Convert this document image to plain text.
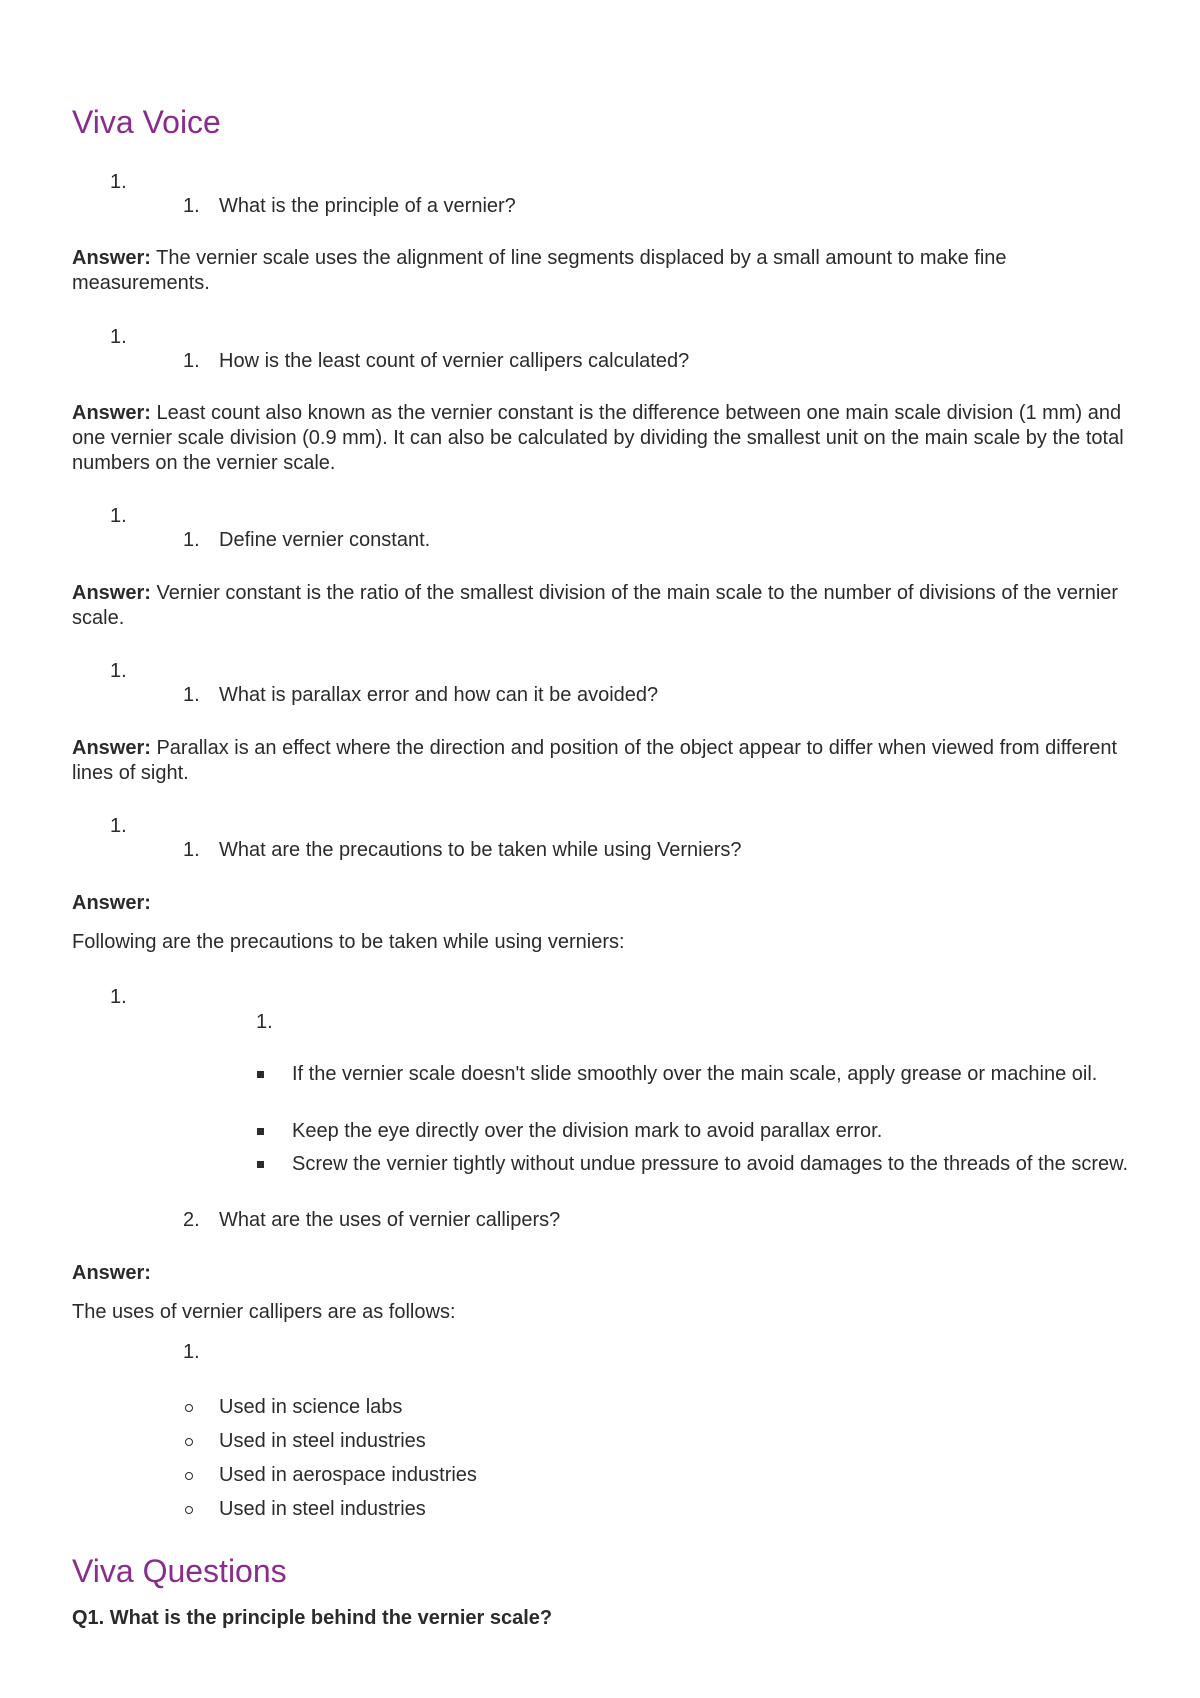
Viva Voice
1.
1. What is the principle of a vernier?
Answer: The vernier scale uses the alignment of line segments displaced by a small amount to make fine measurements.
1.
1. How is the least count of vernier callipers calculated?
Answer: Least count also known as the vernier constant is the difference between one main scale division (1 mm) and one vernier scale division (0.9 mm). It can also be calculated by dividing the smallest unit on the main scale by the total numbers on the vernier scale.
1.
1. Define vernier constant.
Answer: Vernier constant is the ratio of the smallest division of the main scale to the number of divisions of the vernier scale.
1.
1. What is parallax error and how can it be avoided?
Answer: Parallax is an effect where the direction and position of the object appear to differ when viewed from different lines of sight.
1.
1. What are the precautions to be taken while using Verniers?
Answer:
Following are the precautions to be taken while using verniers:
1.
1.
If the vernier scale doesn't slide smoothly over the main scale, apply grease or machine oil.
Keep the eye directly over the division mark to avoid parallax error.
Screw the vernier tightly without undue pressure to avoid damages to the threads of the screw.
2. What are the uses of vernier callipers?
Answer:
The uses of vernier callipers are as follows:
1.
Used in science labs
Used in steel industries
Used in aerospace industries
Used in steel industries
Viva Questions
Q1. What is the principle behind the vernier scale?
